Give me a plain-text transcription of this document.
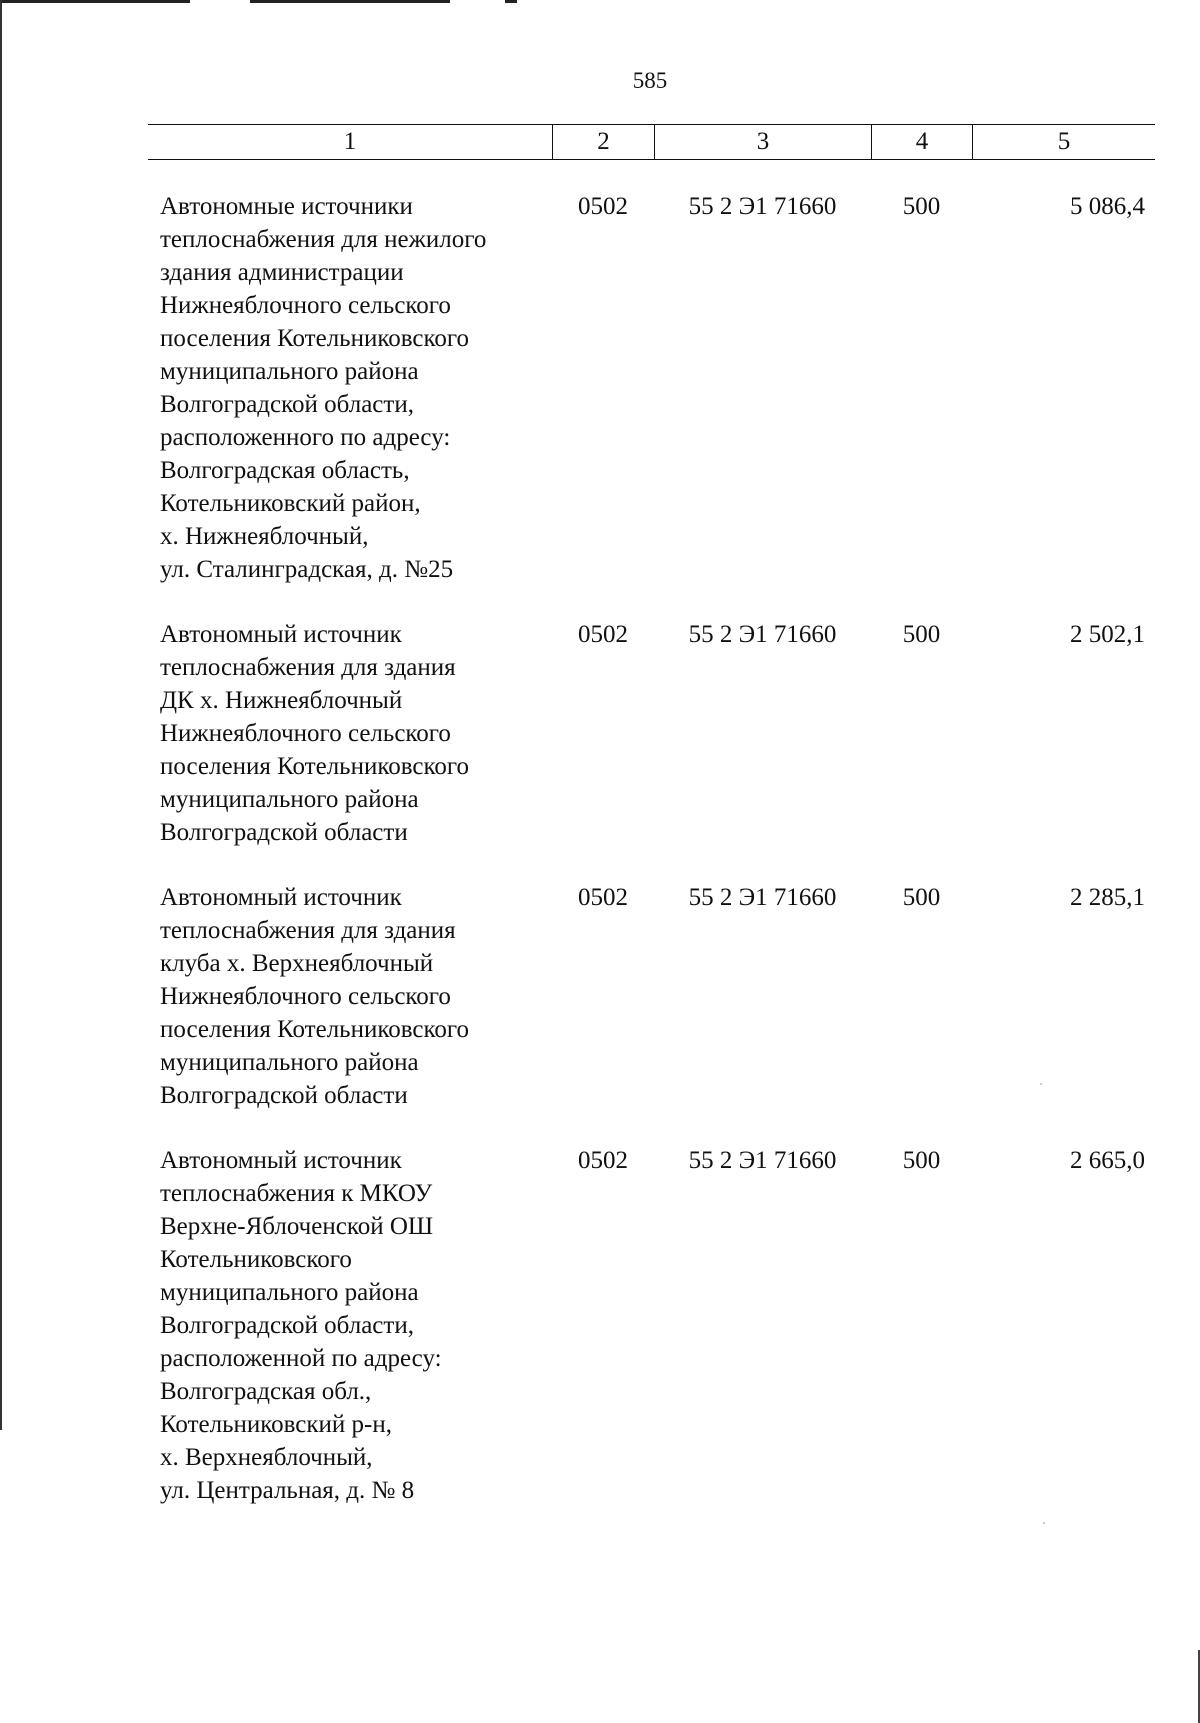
585
1	2	3	4	5
Автономные источники
теплоснабжения для нежилого
здания администрации
Нижнеяблочного сельского
поселения Котельниковского
муниципального района
Волгоградской области,
расположенного по адресу:
Волгоградская область,
Котельниковский район,
х. Нижнеяблочный,
ул. Сталинградская, д. №25
0502	55 2 Э1 71660	500	5 086,4
Автономный источник
теплоснабжения для здания
ДК х. Нижнеяблочный
Нижнеяблочного сельского
поселения Котельниковского
муниципального района
Волгоградской области
0502	55 2 Э1 71660	500	2 502,1
Автономный источник
теплоснабжения для здания
клуба х. Верхнеяблочный
Нижнеяблочного сельского
поселения Котельниковского
муниципального района
Волгоградской области
0502	55 2 Э1 71660	500	2 285,1
Автономный источник
теплоснабжения к МКОУ
Верхне-Яблоченской ОШ
Котельниковского
муниципального района
Волгоградской области,
расположенной по адресу:
Волгоградская обл.,
Котельниковский р-н,
х. Верхнеяблочный,
ул. Центральная, д. № 8
0502	55 2 Э1 71660	500	2 665,0
